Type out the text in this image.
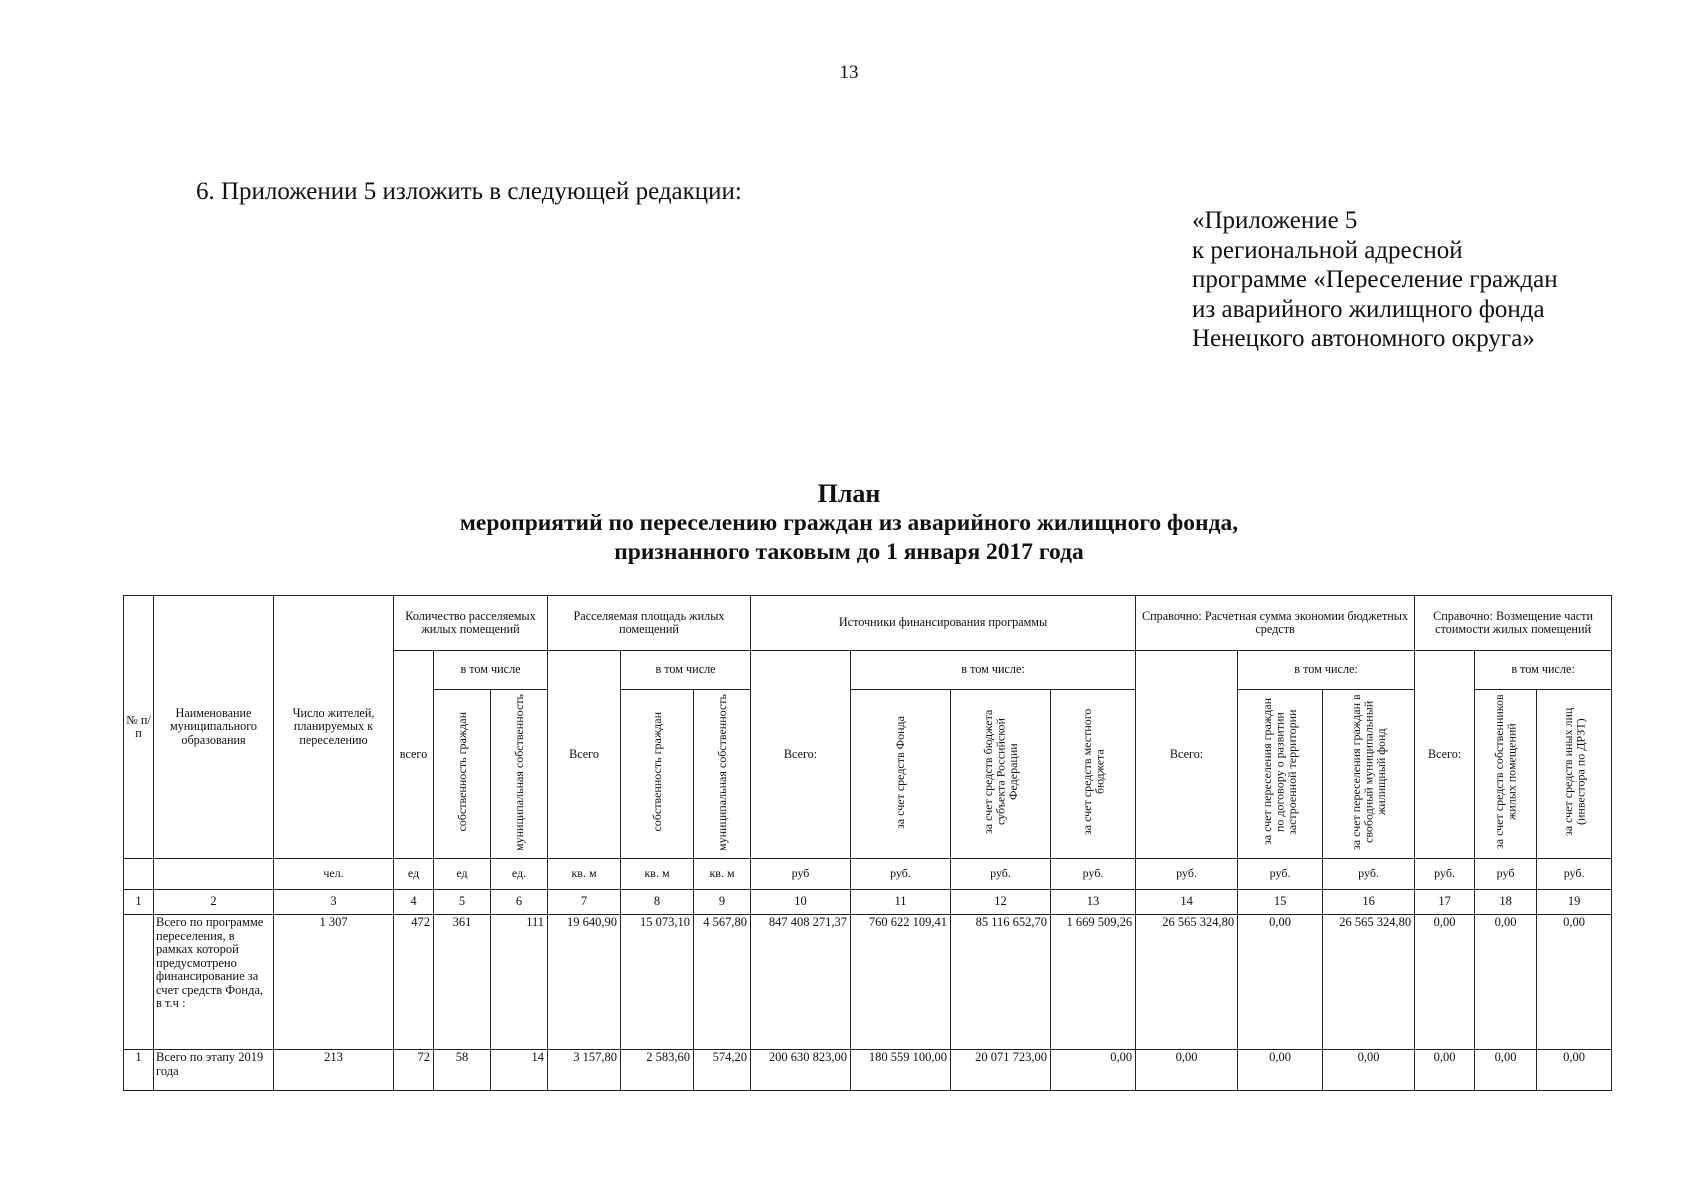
13
6. Приложении 5 изложить в следующей редакции:
«Приложение 5
к региональной адресной
программе «Переселение граждан
из аварийного жилищного фонда
Ненецкого автономного округа»
План
мероприятий по переселению граждан из аварийного жилищного фонда,
признанного таковым до 1 января 2017 года
№ п/п	Наименование муниципального образования	Число жителей, планируемых к переселению	Количество расселяемых жилых помещений			Расселяемая площадь жилых помещений			Источники финансирования программы				Справочно: Расчетная сумма экономии бюджетных средств			Справочно: Возмещение части стоимости жилых помещений		
			всего	в том числе		Всего	в том числе		Всего:	в том числе:			Всего:	в том числе:		Всего:	в том числе:	
				собственность граждан	муниципальная собственность		собственность граждан	муниципальная собственность		за счет средств Фонда	за счет средств бюджета субъекта Российской Федерации	за счет средств местного бюджета		за счет переселения граждан по договору о развитии застроенной территории	за счет переселения граждан в свободный муниципальный жилищный фонд		за счет средств собственников жилых помещений	за счет средств иных лиц (инвестора по ДРЗТ)
		чел.	ед	ед	ед.	кв. м	кв. м	кв. м	руб	руб.	руб.	руб.	руб.	руб.	руб.	руб.	руб	руб.
1	2	3	4	5	6	7	8	9	10	11	12	13	14	15	16	17	18	19
	Всего по программе переселения, в рамках которой предусмотрено финансирование за счет средств Фонда, в т.ч :	1 307	472	361	111	19 640,90	15 073,10	4 567,80	847 408 271,37	760 622 109,41	85 116 652,70	1 669 509,26	26 565 324,80	0,00	26 565 324,80	0,00	0,00	0,00
1	Всего по этапу 2019 года	213	72	58	14	3 157,80	2 583,60	574,20	200 630 823,00	180 559 100,00	20 071 723,00	0,00	0,00	0,00	0,00	0,00	0,00	0,00
